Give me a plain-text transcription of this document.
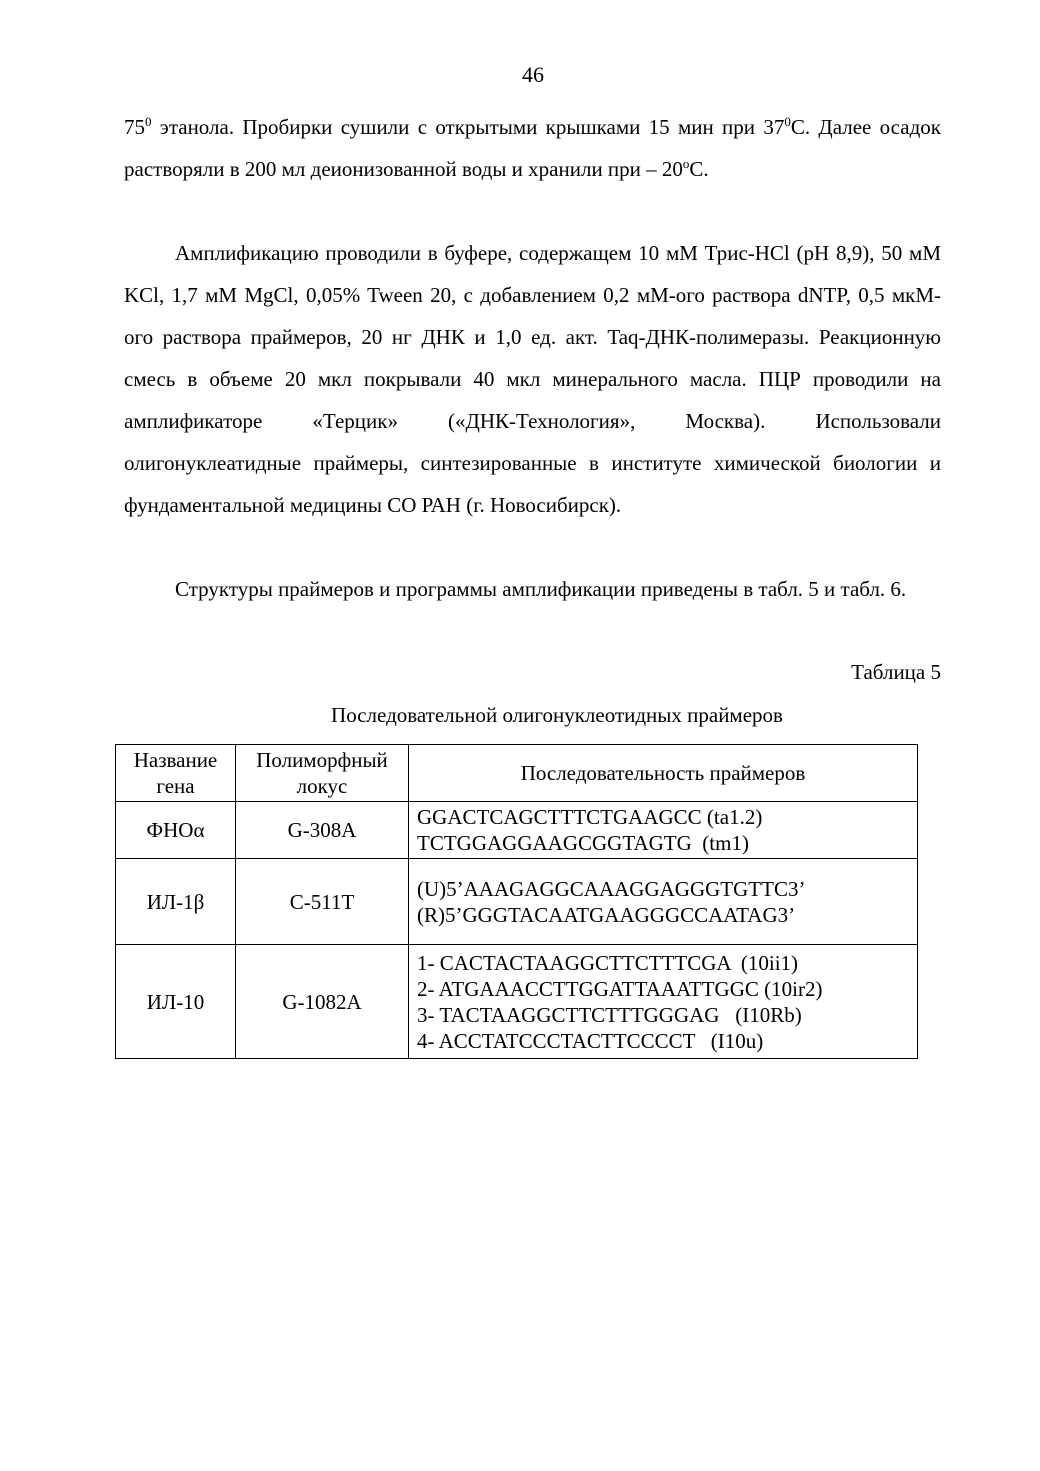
46

$75^0$ этанола. Пробирки сушили с открытыми крышками 15 мин при $37^0С$. Далее осадок растворяли в 200 мл деионизованной воды и хранили при – $20^оС$.

Амплификацию проводили в буфере, содержащем 10 мМ Трис-HCl (pH 8,9), 50 мМ KCl, 1,7 мМ MgCl, 0,05% Tween 20, с добавлением 0,2 мМ-ого раствора dNTP, 0,5 мкМ-ого раствора праймеров, 20 нг ДНК и 1,0 ед. акт. Taq-ДНК-полимеразы. Реакционную смесь в объеме 20 мкл покрывали 40 мкл минерального масла. ПЦР проводили на амплификаторе «Терцик» («ДНК-Технология», Москва). Использовали олигонуклеатидные праймеры, синтезированные в институте химической биологии и фундаментальной медицины СО РАН (г. Новосибирск).

Структуры праймеров и программы амплификации приведены в табл. 5 и табл. 6.

Таблица 5
Последовательной олигонуклеотидных праймеров
Название гена	Полиморфный локус	Последовательность праймеров
ФНОα	G-308A	GGACTCAGCTTTCTGAAGCC (ta1.2)
TCTGGAGGAAGCGGTAGTG  (tm1)

ИЛ-1β	C-511T	(U)5’AAAGAGGCAAAGGAGGGTGTTC3’
(R)5’GGGTACAATGAAGGGCCAATAG3’

ИЛ-10	G-1082A	1- CACTACTAAGGCTTCTTTCGA  (10ii1)
2- ATGAAACCTTGGATTAAATTGGC (10ir2)
3- TACTAAGGCTTCTTTGGGAG   (I10Rb)
4- ACCTATCCCTACTTCCCCT   (I10u)
